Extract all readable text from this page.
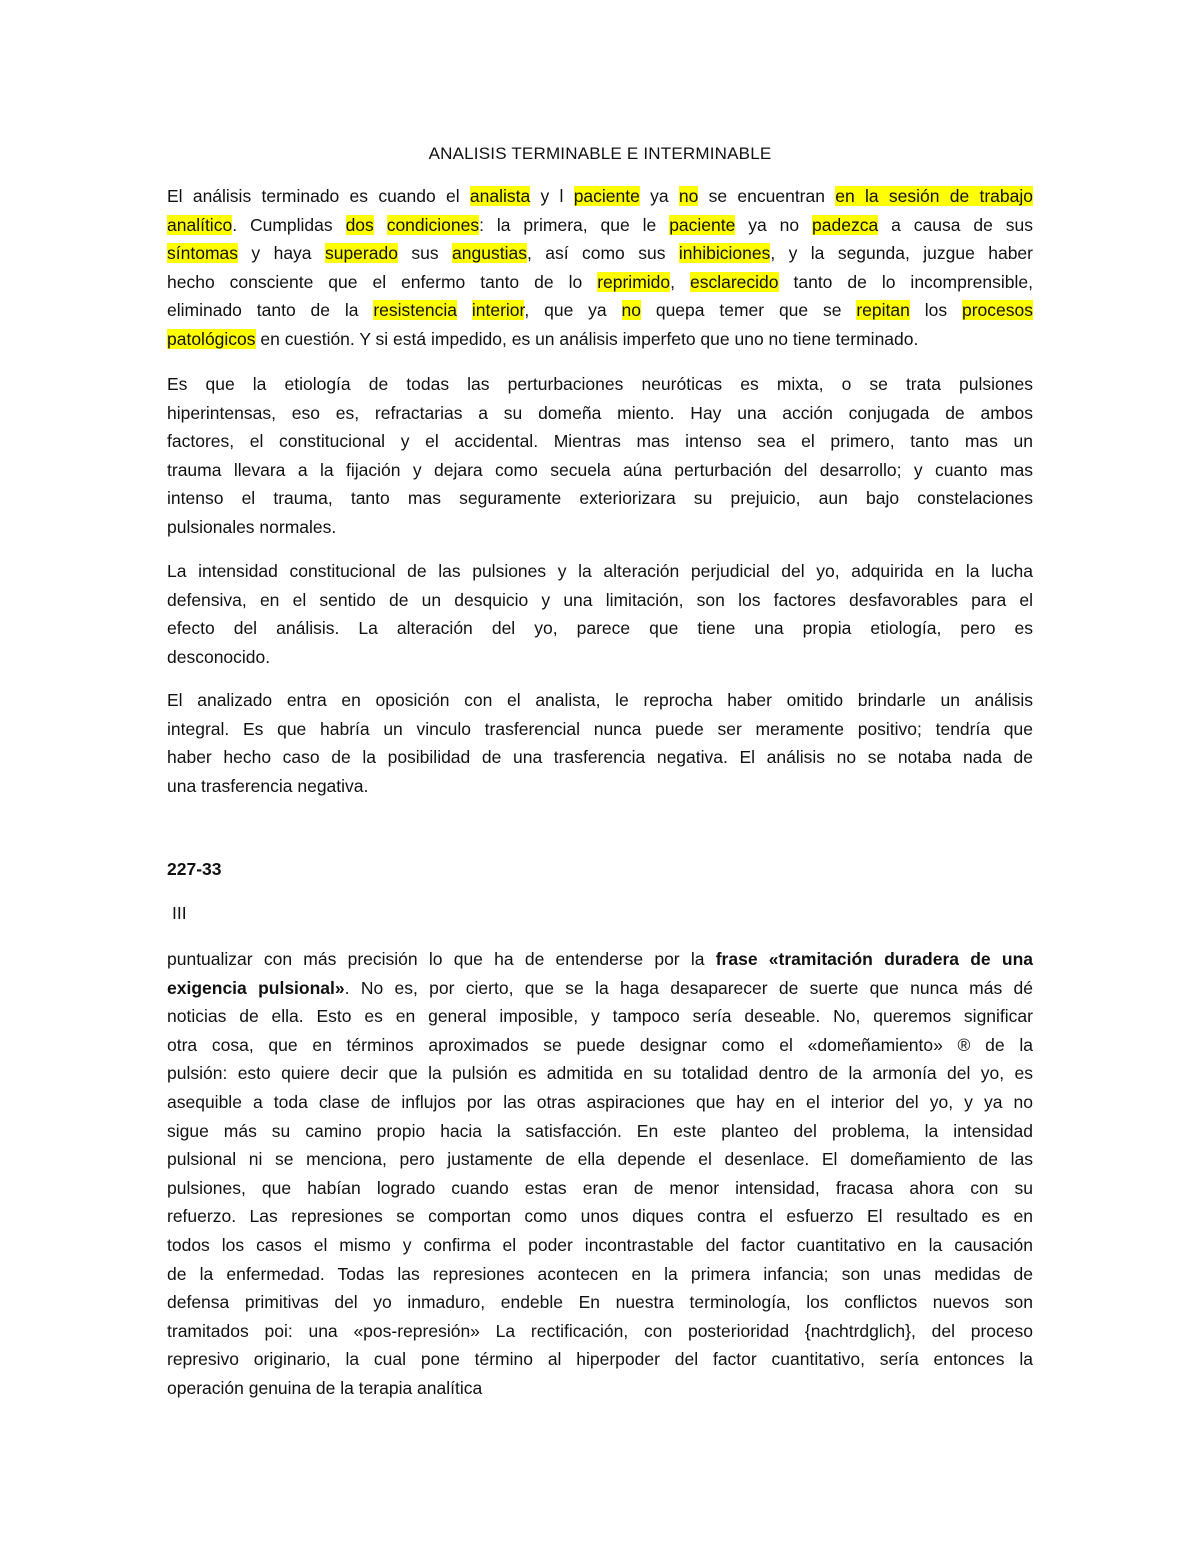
ANALISIS TERMINABLE E INTERMINABLE
El análisis terminado es cuando el analista y l paciente ya no se encuentran en la sesión de trabajo
analítico. Cumplidas dos condiciones: la primera, que le paciente ya no padezca a causa de sus
síntomas y haya superado sus angustias, así como sus inhibiciones, y la segunda, juzgue haber
hecho consciente que el enfermo tanto de lo reprimido, esclarecido tanto de lo incomprensible,
eliminado tanto de la resistencia interior, que ya no quepa temer que se repitan los procesos
patológicos en cuestión. Y si está impedido, es un análisis imperfeto que uno no tiene terminado.
Es que la etiología de todas las perturbaciones neuróticas es mixta, o se trata pulsiones
hiperintensas, eso es, refractarias a su domeña miento. Hay una acción conjugada de ambos
factores, el constitucional y el accidental. Mientras mas intenso sea el primero, tanto mas un
trauma llevara a la fijación y dejara como secuela aúna perturbación del desarrollo; y cuanto mas
intenso el trauma, tanto mas seguramente exteriorizara su prejuicio, aun bajo constelaciones
pulsionales normales.
La intensidad constitucional de las pulsiones y la alteración perjudicial del yo, adquirida en la lucha
defensiva, en el sentido de un desquicio y una limitación, son los factores desfavorables para el
efecto del análisis. La alteración del yo, parece que tiene una propia etiología, pero es
desconocido.
El analizado entra en oposición con el analista, le reprocha haber omitido brindarle un análisis
integral. Es que habría un vinculo trasferencial nunca puede ser meramente positivo; tendría que
haber hecho caso de la posibilidad de una trasferencia negativa. El análisis no se notaba nada de
una trasferencia negativa.
227-33
III
puntualizar con más precisión lo que ha de entenderse por la frase «tramitación duradera de una
exigencia pulsional». No es, por cierto, que se la haga desaparecer de suerte que nunca más dé
noticias de ella. Esto es en general imposible, y tampoco sería deseable. No, queremos significar
otra cosa, que en términos aproximados se puede designar como el «domeñamiento» ® de la
pulsión: esto quiere decir que la pulsión es admitida en su totalidad dentro de la armonía del yo, es
asequible a toda clase de influjos por las otras aspiraciones que hay en el interior del yo, y ya no
sigue más su camino propio hacia la satisfacción. En este planteo del problema, la intensidad
pulsional ni se menciona, pero justamente de ella depende el desenlace. El domeñamiento de las
pulsiones, que habían logrado cuando estas eran de menor intensidad, fracasa ahora con su
refuerzo. Las represiones se comportan como unos diques contra el esfuerzo El resultado es en
todos los casos el mismo y confirma el poder incontrastable del factor cuantitativo en la causación
de la enfermedad. Todas las represiones acontecen en la primera infancia; son unas medidas de
defensa primitivas del yo inmaduro, endeble En nuestra terminología, los conflictos nuevos son
tramitados poi: una «pos-represión» La rectificación, con posterioridad {nachtrdglich}, del proceso
represivo originario, la cual pone término al hiperpoder del factor cuantitativo, sería entonces la
operación genuina de la terapia analítica
